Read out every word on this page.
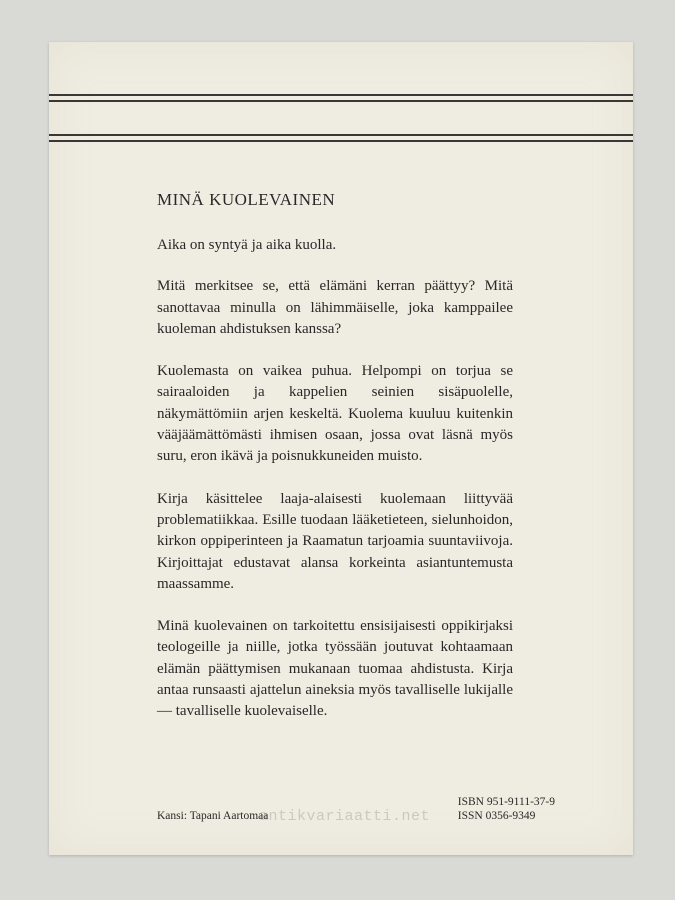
MINÄ KUOLEVAINEN

Aika on syntyä ja aika kuolla.

Mitä merkitsee se, että elämäni kerran päättyy? Mitä sanottavaa minulla on lähimmäiselle, joka kamppailee kuoleman ahdistuksen kanssa?

Kuolemasta on vaikea puhua. Helpompi on torjua se sairaaloiden ja kappelien seinien sisäpuolelle, näkymättömiin arjen keskeltä. Kuolema kuuluu kuitenkin vääjäämättömästi ihmisen osaan, jossa ovat läsnä myös suru, eron ikävä ja poisnukkuneiden muisto.

Kirja käsittelee laaja-alaisesti kuolemaan liittyvää problematiikkaa. Esille tuodaan lääketieteen, sielunhoidon, kirkon oppiperinteen ja Raamatun tarjoamia suuntaviivoja. Kirjoittajat edustavat alansa korkeinta asiantuntemusta maassamme.

Minä kuolevainen on tarkoitettu ensisijaisesti oppikirjaksi teologeille ja niille, jotka työssään joutuvat kohtaamaan elämän päättymisen mukanaan tuomaa ahdistusta. Kirja antaa runsaasti ajattelun aineksia myös tavalliselle lukijalle — tavalliselle kuolevaiselle.

ISBN 951-9111-37-9
ISSN 0356-9349
Kansi: Tapani Aartomaa
antikvariaatti.net
